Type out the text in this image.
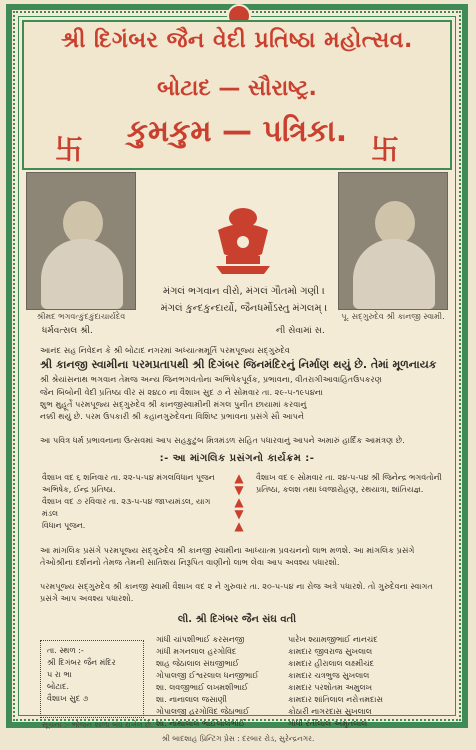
શ્રી દિગંબર જૈન વેદી પ્રતિષ્ઠા મહોત્સવ.
બોટાદ — સૌરાષ્ટ્ર.
કુમકુમ — પત્રિકા.
卐	卐
શ્રીમદ ભગવત્કુંદકુંદાચાર્યદેવ	પૂ. સદ્ગુરુદેવ શ્રી કાનજી સ્વામી.
મંગલં ભગવાન વીરો, મંગલં ગૌતમો ગણી ।
મંગલં કુન્દકુન્દાર્યો, જૈનધર્મોઽસ્તુ મંગલમ્ ।
ધર્મવત્સલ શ્રી.	ની સેવામાં સ.
આનંદ સહ નિવેદન કે શ્રી બોટાદ નગરમાં અધ્યાત્મમૂર્તિ પરમપૂજ્ય સદ્ગુરુદેવ
શ્રી કાનજી સ્વામીના પરમપ્રતાપથી શ્રી દિગંબર જિનમંદિરનું નિર્માણ થયું છે. તેમાં મૂળનાયક
શ્રી શ્રેયાંસનાથ ભગવાન તેમજ અન્ય જિનભગવંતોના અભિષેકપૂર્વક, પ્રભાવના, વીતરાગીઆવાહિતઉપકરણ
જેન બિંબોની વેદી પ્રતિષ્ઠા વીર સં ૨૪૮૦ ના વૈશાખ સુદ ૭ ને સોમવાર તા. ૨૯-૫-૧૯૫૪ના
શુભ મુહૂર્તે પરમપૂજ્ય સદ્ગુરુદેવ શ્રી કાનજીસ્વામીની મંગલ પુનીત છાયામાં કરવાનું
નક્કી થયું છે. પરમ ઉપકારી શ્રી કહાનગુરુદેવના વિશિષ્ટ પ્રભાવના પ્રસંગે સૌ આપને
આ પવિત્ર ધર્મ પ્રભાવનાના ઉત્સવમાં આપ સહકુટુંબ મિત્રમંડળ સહિત પધારવાનું આપને અમારું હાર્દિક આમંત્રણ છે.
:- આ માંગલિક પ્રસંગનો કાર્યક્રમ :-
વૈશાખ વદ ૬ શનિવાર તા. ૨૨-૫-૫૪ મંગલવિધાન પૂજન
અભિષેક, ઈન્દ્ર પ્રતિષ્ઠા.
વૈશાખ વદ ૭ રવિવાર તા. ૨૩-૫-૫૪ જાપ્યમંડલ, યાગ મંડલ
વિધાન પૂજન.
▲
▼
▲
▼
▲
વૈશાખ વદ ૯ સોમવાર તા. ૨૪-૫-૫૪ શ્રી જિનેન્દ્ર ભગવંતોની
પ્રતિષ્ઠા, કલશ તથા ધ્વજારોહણ, રથયાત્રા, શાંતિયજ્ઞ.
આ માંગલિક પ્રસંગે પરમપૂજ્ય સદ્ગુરુદેવ શ્રી કાનજી સ્વામીના આધ્યાત્મ પ્રવચનનો લાભ મળશે. આ માંગલિક પ્રસંગે તેઓશ્રીના દર્શનનો તેમજ તેમની સાતિશય નિરૂપિત વાણીનો લાભ લેવા આપ અવશ્ય પધારશો.
પરમપૂજ્ય સદ્ગુરુદેવ શ્રી કાનજી સ્વામી વૈશાખ વદ ૨ ને ગુરુવાર તા. ૨૦-૫-૫૪ ના રોજ અત્રે પધારશે. તો ગુરુદેવના સ્વાગત પ્રસંગે આપ અવશ્ય પધારશો.
લી. શ્રી દિગંબર જૈન સંઘ વતી
તા. સ્થળ :-
શ્રી દિગંબર જૈન મંદિર
૫ રા ભા
બોટાદ.
વૈશાખ સુદ ૭
ગાંધી ચાંપશીભાઈ કરસનજી
ગાંધી મગનલાલ હરગોવિંદ
શાહ જેઠાલાલ સંઘજીભાઈ
ગોપાલજી ઈશ્વરલાલ ધનજીભાઈ
શા. લવજીભાઈ લખમશીભાઈ
શા. નાનાલાલ જસાણી
ગોપાલજી હરગોવિંદ જેઠાભાઈ
શા. નાથાલાલ ભાઈલાલભાઈ
પારેખ શ્યામજીભાઈ નાનચંદ
કામદાર જીવરાજ સુખલાલ
કામદાર હીરાલાલ લક્ષ્મીચંદ
કામદાર ચત્રભુજ સુખલાલ
કામદાર પરશોતમ અમુલખ
કામદાર શાંતિલાલ નરોત્તમદાસ
કોઠારી નાગરદાસ સુખલાલ
ગાંધી રતીલાલ અમૃતલાલ
સૂચના :- ભોજન શાળા બંધ રાખેલ છે.
શ્રી બાદશાહ પ્રિન્ટિંગ પ્રેસ : દરબાર રોડ, સુરેન્દ્રનગર.
